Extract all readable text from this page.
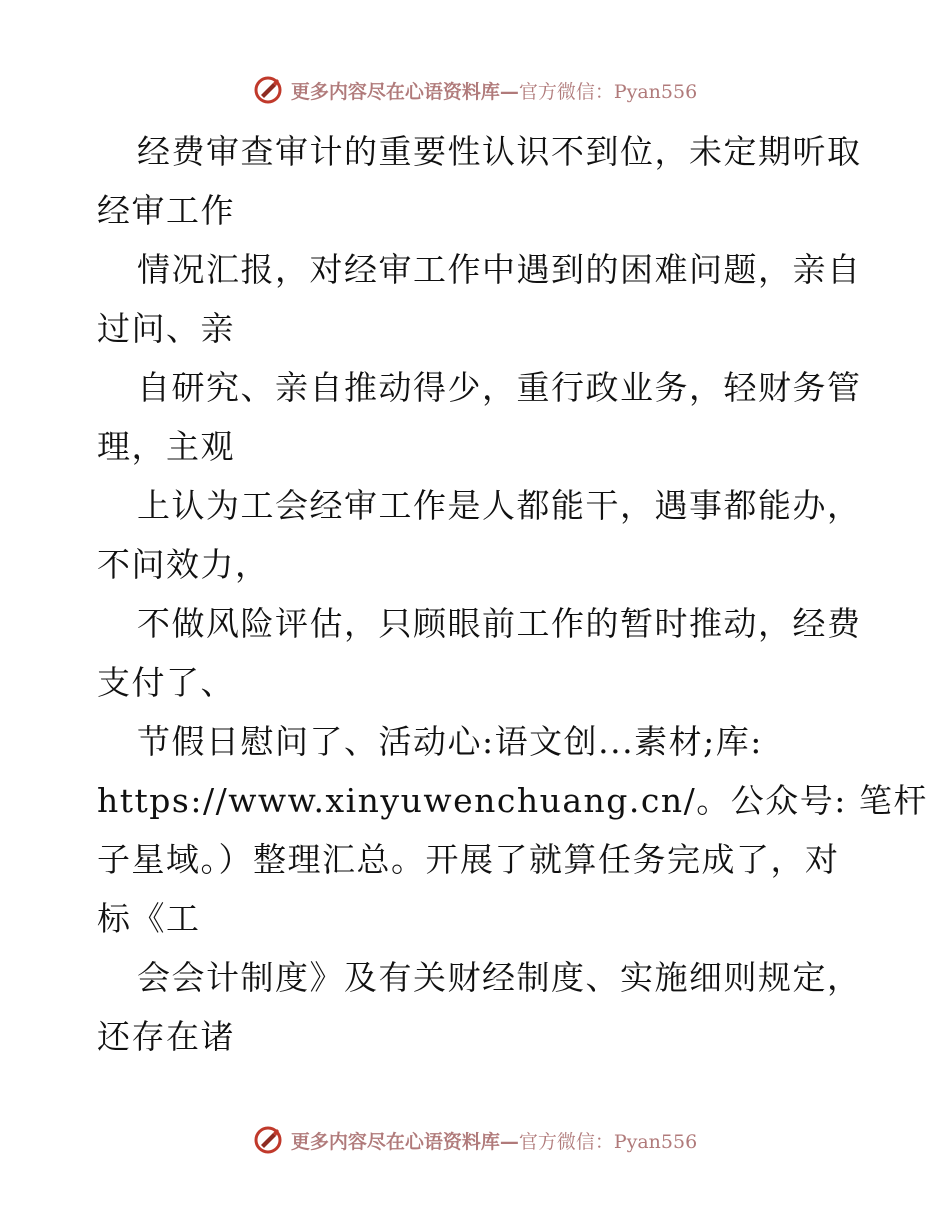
更多内容尽在心语资料库—官方微信：Pyan556
经费审查审计的重要性认识不到位，未定期听取
经审工作
情况汇报，对经审工作中遇到的困难问题，亲自
过问、亲
自研究、亲自推动得少，重行政业务，轻财务管
理，主观
上认为工会经审工作是人都能干，遇事都能办，
不问效力，
不做风险评估，只顾眼前工作的暂时推动，经费
支付了、
节假日慰问了、活动心:语文创...素材;库:
https://www.xinyuwenchuang.cn/。公众号: 笔杆
子星域。）整理汇总。开展了就算任务完成了，对
标《工
会会计制度》及有关财经制度、实施细则规定，
还存在诸
更多内容尽在心语资料库—官方微信：Pyan556
